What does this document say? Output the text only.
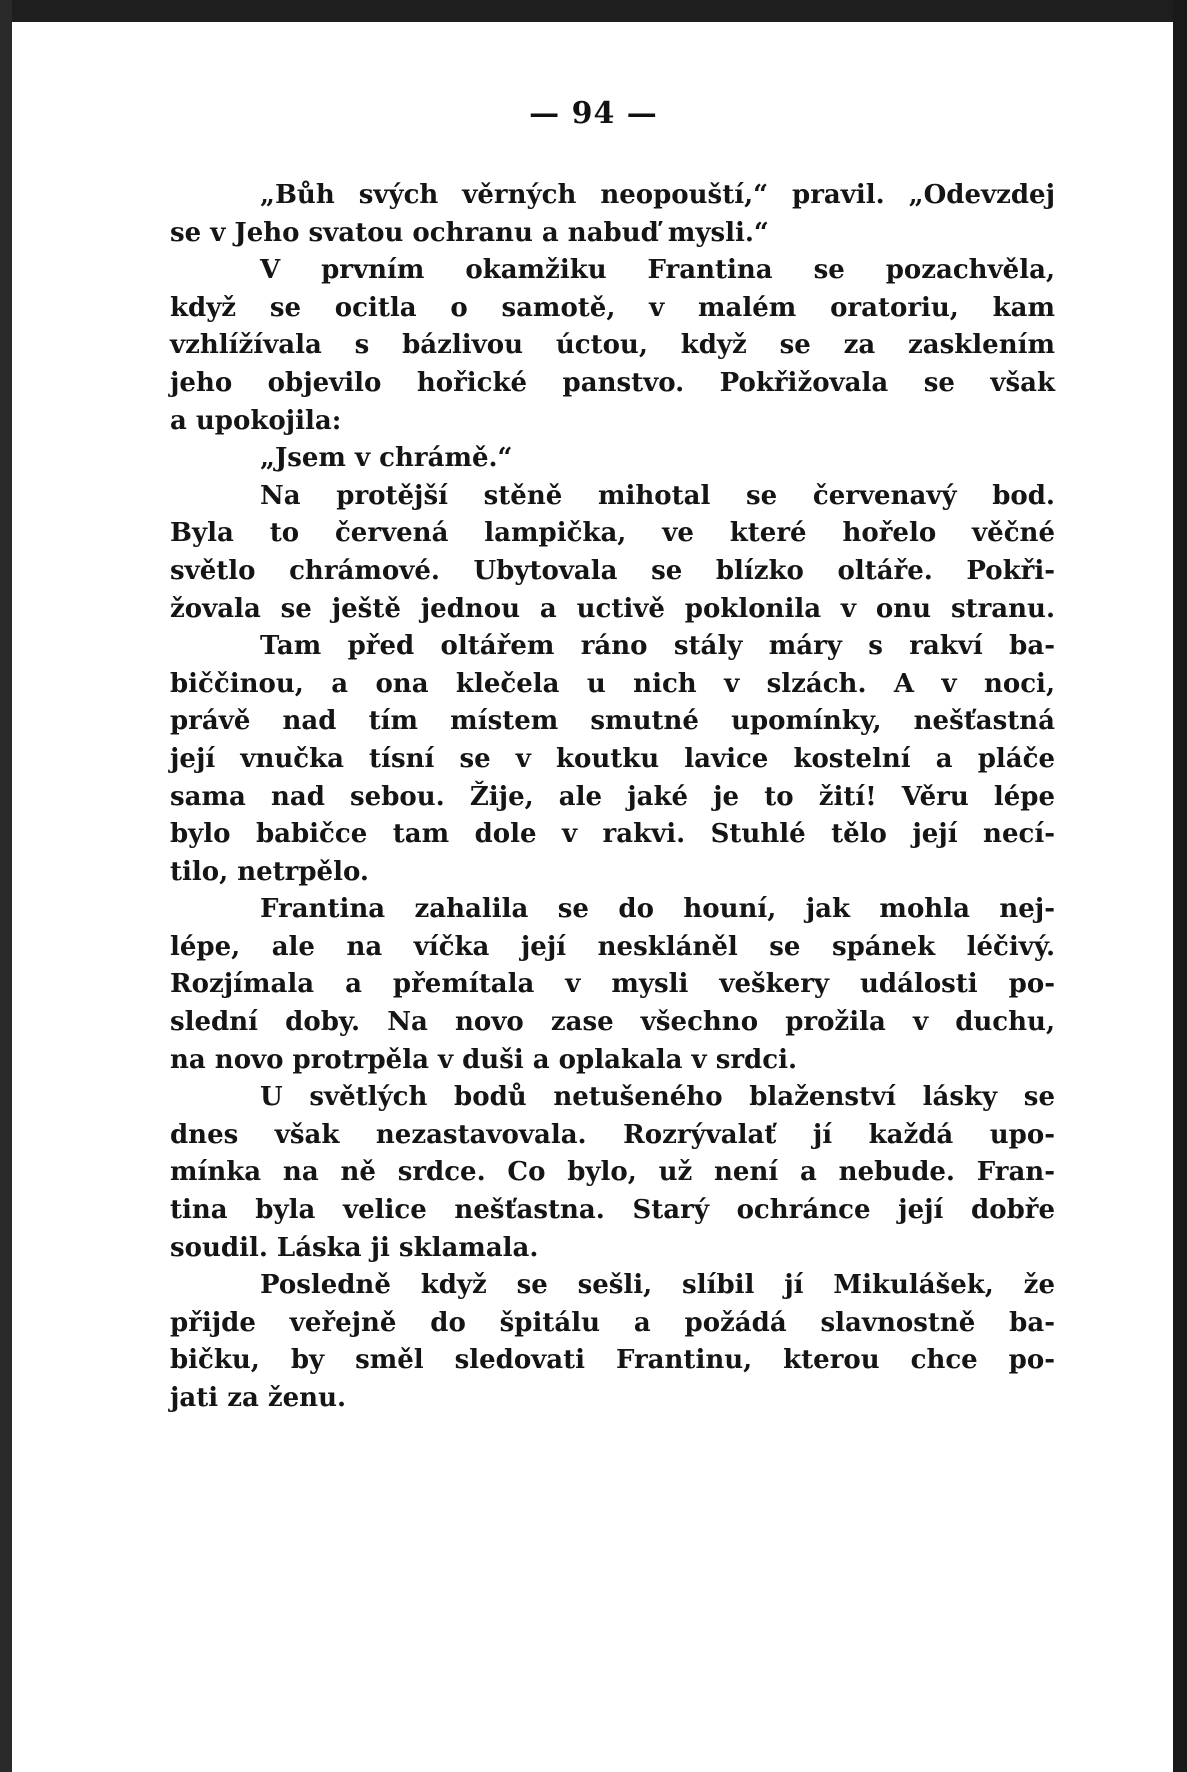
— 94 —
„Bůh svých věrných neopouští,“ pravil. „Odevzdej
se v Jeho svatou ochranu a nabuď mysli.“
V prvním okamžiku Frantina se pozachvěla,
když se ocitla o samotě, v malém oratoriu, kam
vzhlížívala s bázlivou úctou, když se za zasklením
jeho objevilo hořické panstvo. Pokřižovala se však
a upokojila:
„Jsem v chrámě.“
Na protější stěně mihotal se červenavý bod.
Byla to červená lampička, ve které hořelo věčné
světlo chrámové. Ubytovala se blízko oltáře. Pokři-
žovala se ještě jednou a uctivě poklonila v onu stranu.
Tam před oltářem ráno stály máry s rakví ba-
biččinou, a ona klečela u nich v slzách. A v noci,
právě nad tím místem smutné upomínky, nešťastná
její vnučka tísní se v koutku lavice kostelní a pláče
sama nad sebou. Žije, ale jaké je to žití! Věru lépe
bylo babičce tam dole v rakvi. Stuhlé tělo její necí-
tilo, netrpělo.
Frantina zahalila se do houní, jak mohla nej-
lépe, ale na víčka její neskláněl se spánek léčivý.
Rozjímala a přemítala v mysli veškery události po-
slední doby. Na novo zase všechno prožila v duchu,
na novo protrpěla v duši a oplakala v srdci.
U světlých bodů netušeného blaženství lásky se
dnes však nezastavovala. Rozrývalať jí každá upo-
mínka na ně srdce. Co bylo, už není a nebude. Fran-
tina byla velice nešťastna. Starý ochránce její dobře
soudil. Láska ji sklamala.
Posledně když se sešli, slíbil jí Mikulášek, že
přijde veřejně do špitálu a požádá slavnostně ba-
bičku, by směl sledovati Frantinu, kterou chce po-
jati za ženu.
